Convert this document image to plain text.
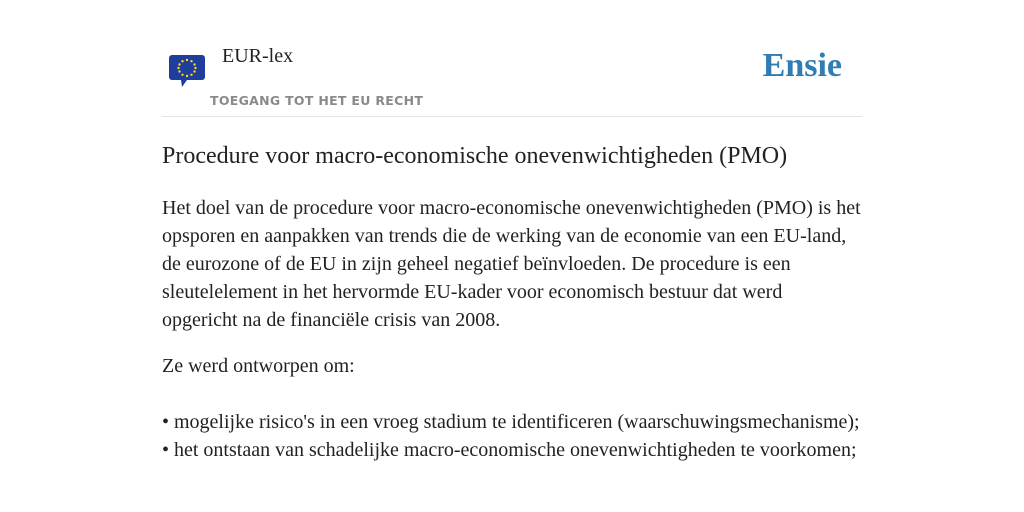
EUR-lex
TOEGANG TOT HET EU RECHT
Ensie
Procedure voor macro-economische onevenwichtigheden (PMO)

Het doel van de procedure voor macro-economische onevenwichtigheden (PMO) is het opsporen en aanpakken van trends die de werking van de economie van een EU-land, de eurozone of de EU in zijn geheel negatief beïnvloeden. De procedure is een sleutelelement in het hervormde EU-kader voor economisch bestuur dat werd opgericht na de financiële crisis van 2008.

Ze werd ontworpen om:

• mogelijke risico's in een vroeg stadium te identificeren (waarschuwingsmechanisme);
• het ontstaan van schadelijke macro-economische onevenwichtigheden te voorkomen;
